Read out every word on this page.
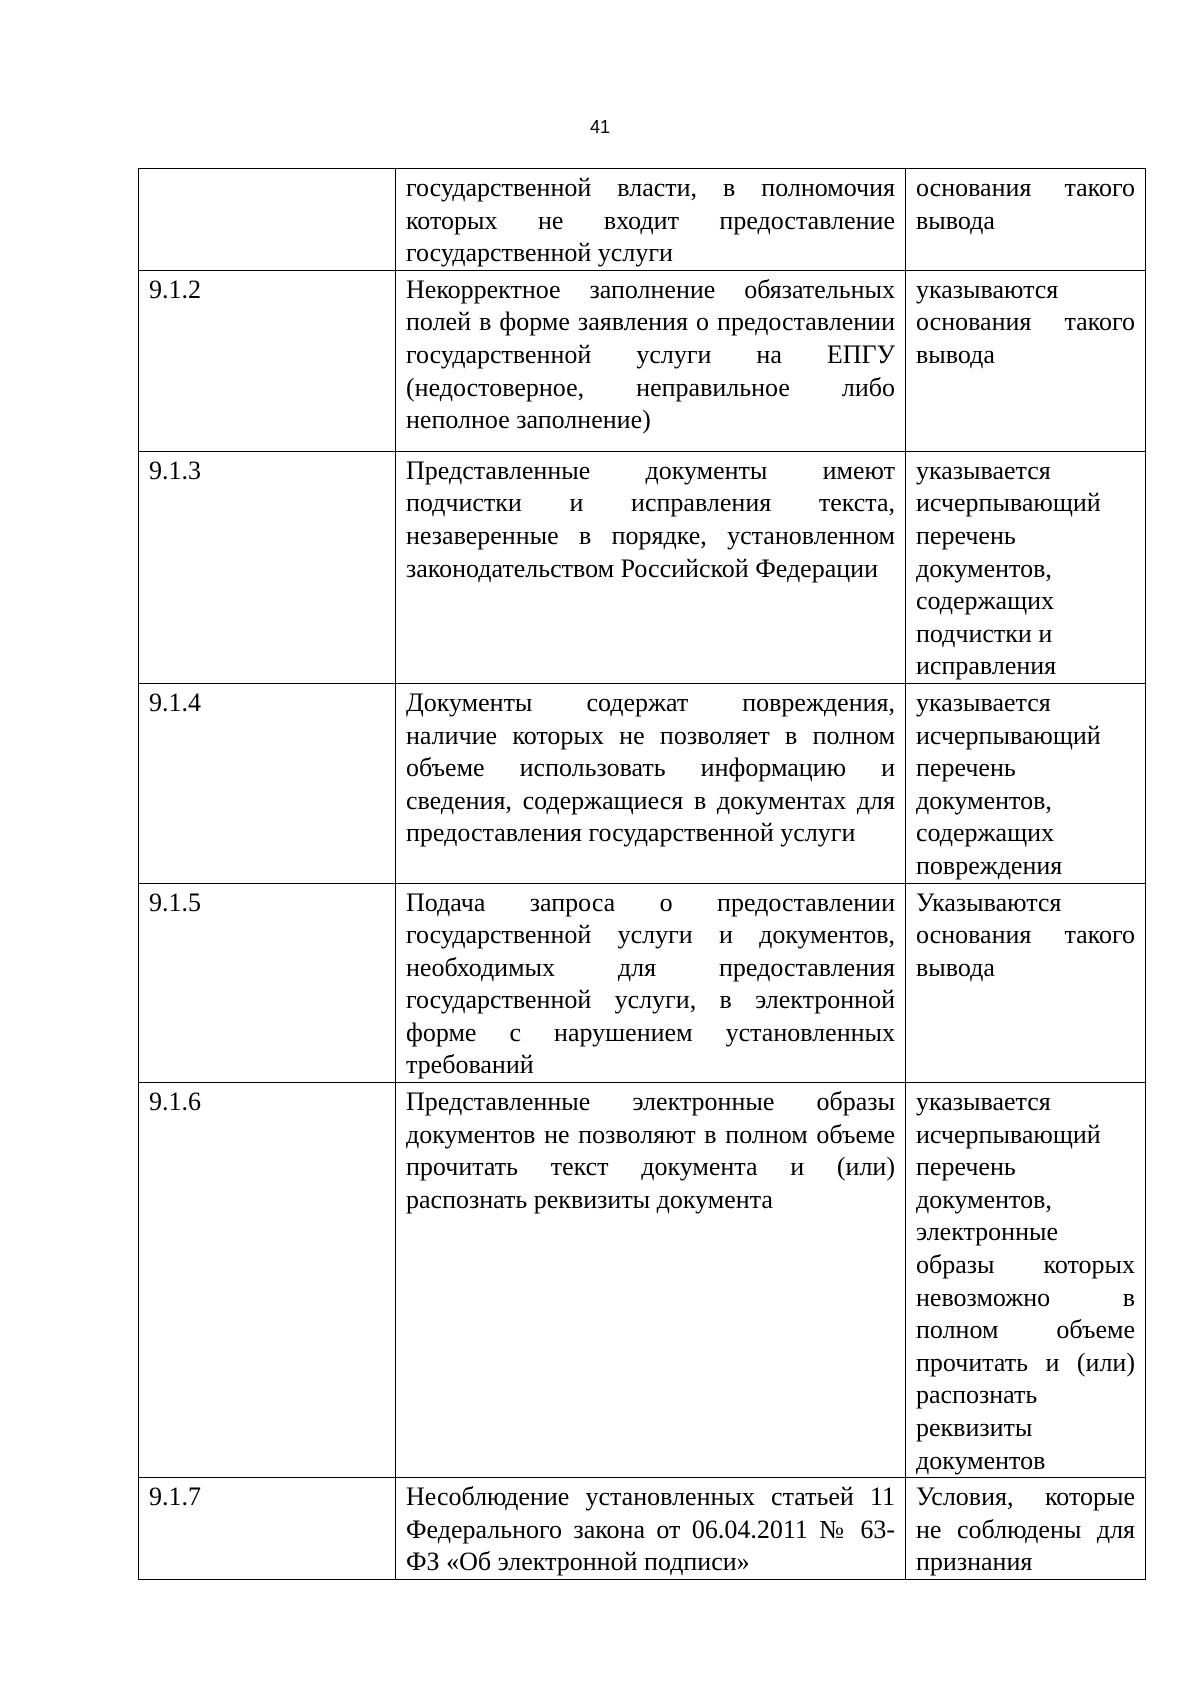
41
	государственной власти, в полномочия которых не входит предоставление государственной услуги	основания такого вывода
9.1.2	Некорректное заполнение обязательных полей в форме заявления о предоставлении государственной услуги на ЕПГУ (недостоверное, неправильное либо неполное заполнение)	указываются основания такого вывода
9.1.3	Представленные документы имеют подчистки и исправления текста, незаверенные в порядке, установленном законодательством Российской Федерации	указывается исчерпывающий перечень документов, содержащих подчистки и исправления
9.1.4	Документы содержат повреждения, наличие которых не позволяет в полном объеме использовать информацию и сведения, содержащиеся в документах для предоставления государственной услуги	указывается исчерпывающий перечень документов, содержащих повреждения
9.1.5	Подача запроса о предоставлении государственной услуги и документов, необходимых для предоставления государственной услуги, в электронной форме с нарушением установленных требований	Указываются основания такого вывода
9.1.6	Представленные электронные образы документов не позволяют в полном объеме прочитать текст документа и (или) распознать реквизиты документа	указывается исчерпывающий перечень документов, электронные образы которых невозможно в полном объеме прочитать и (или) распознать реквизиты документов
9.1.7	Несоблюдение установленных статьей 11 Федерального закона от 06.04.2011 № 63-ФЗ «Об электронной подписи»	Условия, которые не соблюдены для признания
